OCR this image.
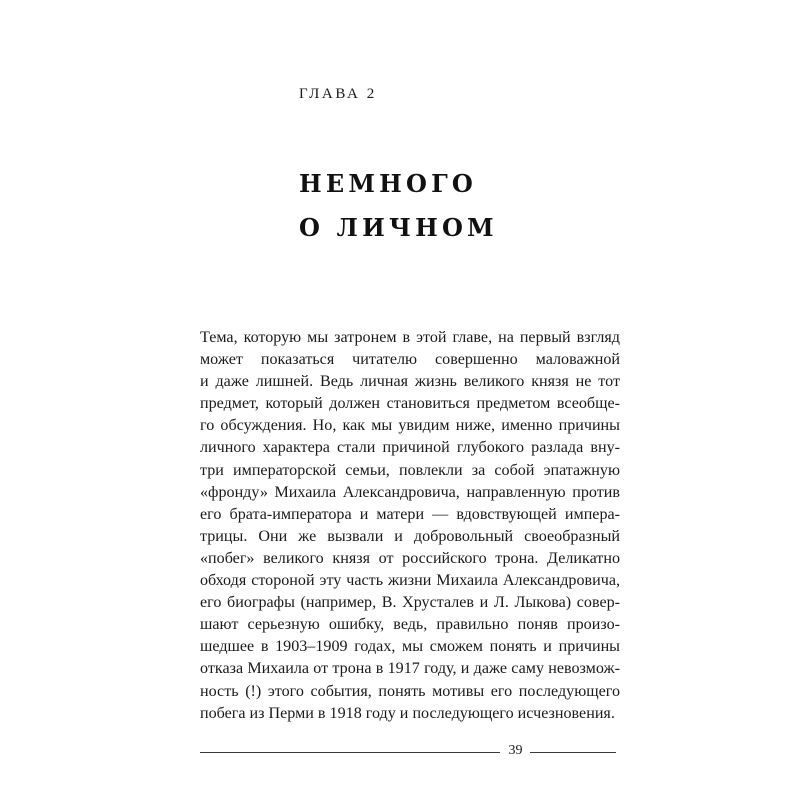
ГЛАВА 2
НЕМНОГО
О ЛИЧНОМ
Тема, которую мы затронем в этой главе, на первый взгляд
может показаться читателю совершенно маловажной
и даже лишней. Ведь личная жизнь великого князя не тот
предмет, который должен становиться предметом всеобще-
го обсуждения. Но, как мы увидим ниже, именно причины
личного характера стали причиной глубокого разлада внy-
три императорской семьи, повлекли за собой эпатажную
«фронду» Михаила Александровича, направленную против
его брата-императора и матери — вдовствующей импера-
трицы. Они же вызвали и добровольный своеобразный
«побег» великого князя от российского трона. Деликатно
обходя стороной эту часть жизни Михаила Александровича,
его биографы (например, В. Хрусталев и Л. Лыкова) совер-
шают серьезную ошибку, ведь, правильно поняв произо-
шедшее в 1903–1909 годах, мы сможем понять и причины
отказа Михаила от трона в 1917 году, и даже саму невозмож-
ность (!) этого события, понять мотивы его последующего
побега из Перми в 1918 году и последующего исчезновения.
39
